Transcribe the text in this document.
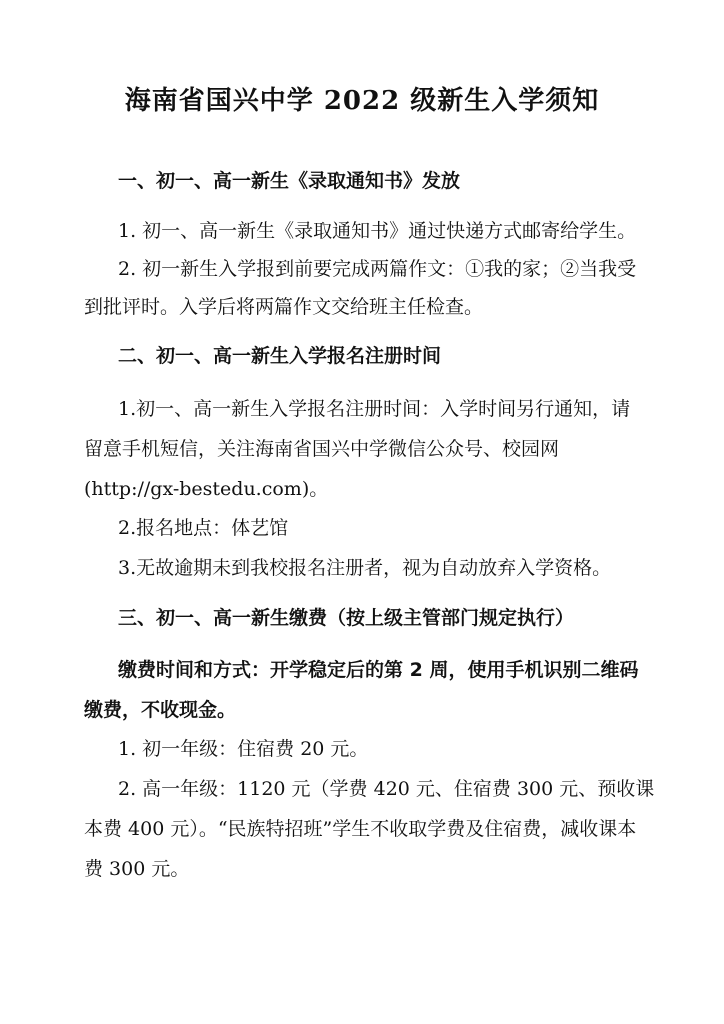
海南省国兴中学 2022 级新生入学须知
一、初一、高一新生《录取通知书》发放
1. 初一、高一新生《录取通知书》通过快递方式邮寄给学生。
2. 初一新生入学报到前要完成两篇作文：①我的家；②当我受
到批评时。入学后将两篇作文交给班主任检查。
二、初一、高一新生入学报名注册时间
1.初一、高一新生入学报名注册时间：入学时间另行通知，请
留意手机短信，关注海南省国兴中学微信公众号、校园网
(http://gx-bestedu.com)。
2.报名地点：体艺馆
3.无故逾期未到我校报名注册者，视为自动放弃入学资格。
三、初一、高一新生缴费（按上级主管部门规定执行）
缴费时间和方式：开学稳定后的第 2 周，使用手机识别二维码
缴费，不收现金。
1. 初一年级：住宿费 20 元。
2. 高一年级：1120 元（学费 420 元、住宿费 300 元、预收课
本费 400 元）。“民族特招班”学生不收取学费及住宿费，减收课本
费 300 元。
